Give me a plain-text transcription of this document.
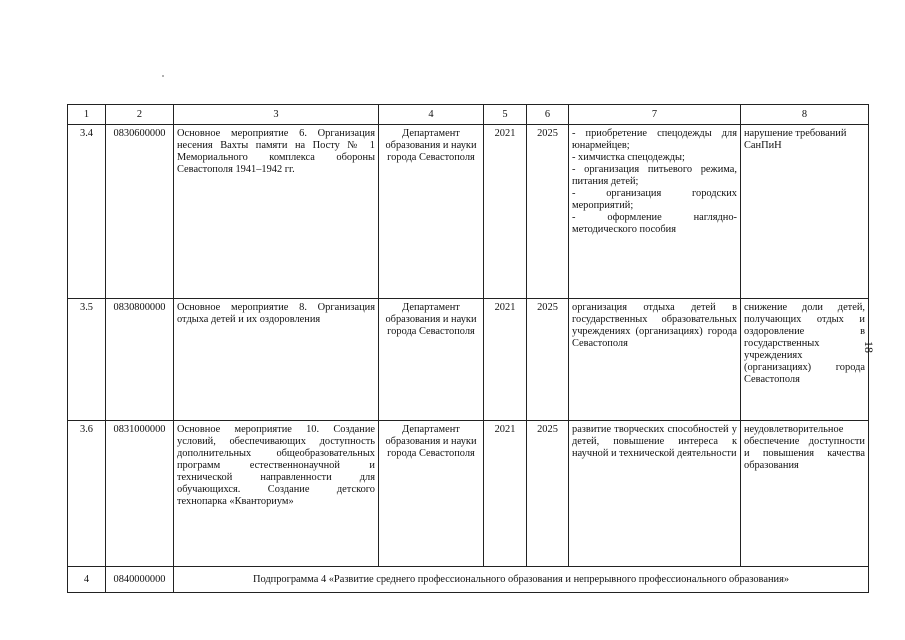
1	2	3	4	5	6	7	8
3.4	0830600000	Основное мероприятие 6. Организация несения Вахты памяти на Посту № 1 Мемориального комплекса обороны Севастополя 1941–1942 гг.	Департамент образования и науки города Севастополя	2021	2025	- приобретение спецодежды для юнармейцев;
- химчистка спецодежды;
- организация питьевого режима, питания детей;
- организация городских мероприятий;
- оформление наглядно-методического пособия	нарушение требований СанПиН
3.5	0830800000	Основное мероприятие 8. Организация отдыха детей и их оздоровления	Департамент образования и науки города Севастополя	2021	2025	организация отдыха детей в государственных образовательных учреждениях (организациях) города Севастополя	снижение доли детей, получающих отдых и оздоровление в государственных учреждениях (организациях) города Севастополя
3.6	0831000000	Основное мероприятие 10. Создание условий, обеспечивающих доступность дополнительных общеобразовательных программ естественнонаучной и технической направленности для обучающихся. Создание детского технопарка «Кванториум»	Департамент образования и науки города Севастополя	2021	2025	развитие творческих способностей у детей, повышение интереса к научной и технической деятельности	неудовлетворительное обеспечение доступности и повышения качества образования
4	0840000000	Подпрограмма 4 «Развитие среднего профессионального образования и непрерывного профессионального образования»					
18
